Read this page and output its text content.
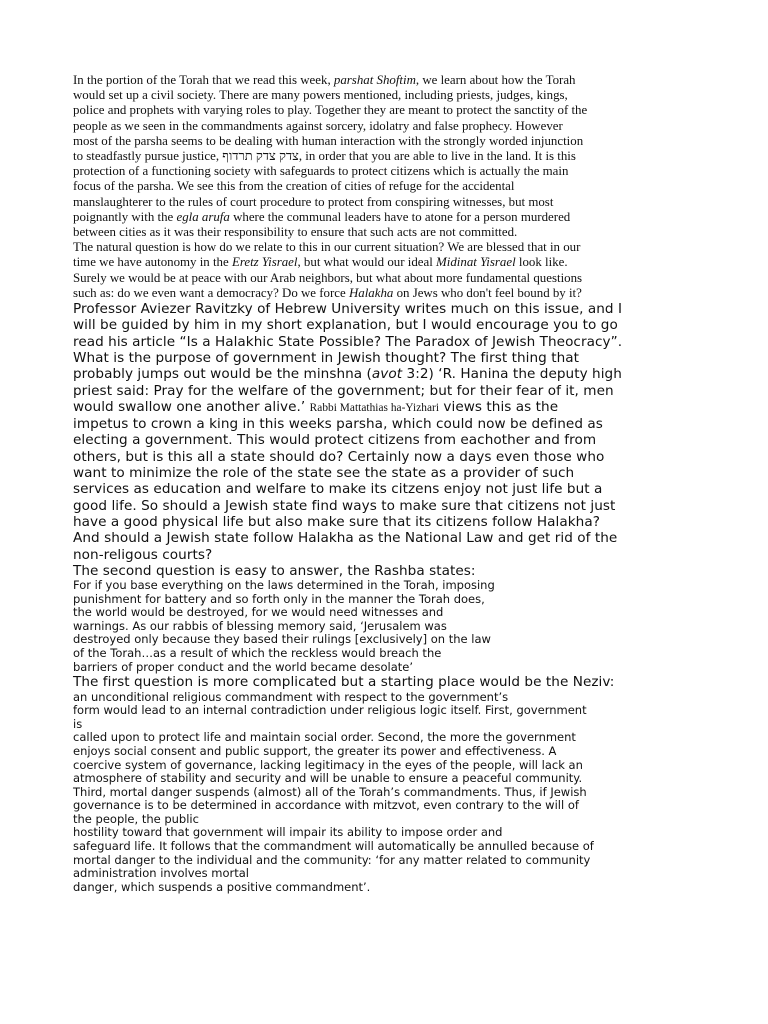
In the portion of the Torah that we read this week, parshat Shoftim, we learn about how the Torah
would set up a civil society. There are many powers mentioned, including priests, judges, kings,
police and prophets with varying roles to play. Together they are meant to protect the sanctity of the
people as we seen in the commandments against sorcery, idolatry and false prophecy. However
most of the parsha seems to be dealing with human interaction with the strongly worded injunction
to steadfastly pursue justice, צדק צדק תרדוף, in order that you are able to live in the land. It is this
protection of a functioning society with safeguards to protect citizens which is actually the main
focus of the parsha. We see this from the creation of cities of refuge for the accidental
manslaughterer to the rules of court procedure to protect from conspiring witnesses, but most
poignantly with the egla arufa where the communal leaders have to atone for a person murdered
between cities as it was their responsibility to ensure that such acts are not committed.
The natural question is how do we relate to this in our current situation? We are blessed that in our
time we have autonomy in the Eretz Yisrael, but what would our ideal Midinat Yisrael look like.
Surely we would be at peace with our Arab neighbors, but what about more fundamental questions
such as: do we even want a democracy? Do we force Halakha on Jews who don't feel bound by it?
Professor Aviezer Ravitzky of Hebrew University writes much on this issue, and I
will be guided by him in my short explanation, but I would encourage you to go
read his article “Is a Halakhic State Possible? The Paradox of Jewish Theocracy”.
What is the purpose of government in Jewish thought? The first thing that
probably jumps out would be the minshna (avot 3:2) ‘R. Hanina the deputy high
priest said: Pray for the welfare of the government; but for their fear of it, men
would swallow one another alive.’ Rabbi Mattathias ha-Yizhari views this as the
impetus to crown a king in this weeks parsha, which could now be defined as
electing a government. This would protect citizens from eachother and from
others, but is this all a state should do? Certainly now a days even those who
want to minimize the role of the state see the state as a provider of such
services as education and welfare to make its citzens enjoy not just life but a
good life. So should a Jewish state find ways to make sure that citizens not just
have a good physical life but also make sure that its citizens follow Halakha?
And should a Jewish state follow Halakha as the National Law and get rid of the
non-religous courts?
The second question is easy to answer, the Rashba states:
For if you base everything on the laws determined in the Torah, imposing
punishment for battery and so forth only in the manner the Torah does,
the world would be destroyed, for we would need witnesses and
warnings. As our rabbis of blessing memory said, ‘Jerusalem was
destroyed only because they based their rulings [exclusively] on the law
of the Torah…as a result of which the reckless would breach the
barriers of proper conduct and the world became desolate’
The first question is more complicated but a starting place would be the Neziv:
an unconditional religious commandment with respect to the government’s
form would lead to an internal contradiction under religious logic itself. First, government
is
called upon to protect life and maintain social order. Second, the more the government
enjoys social consent and public support, the greater its power and effectiveness. A
coercive system of governance, lacking legitimacy in the eyes of the people, will lack an
atmosphere of stability and security and will be unable to ensure a peaceful community.
Third, mortal danger suspends (almost) all of the Torah’s commandments. Thus, if Jewish
governance is to be determined in accordance with mitzvot, even contrary to the will of
the people, the public
hostility toward that government will impair its ability to impose order and
safeguard life. It follows that the commandment will automatically be annulled because of
mortal danger to the individual and the community: ‘for any matter related to community
administration involves mortal
danger, which suspends a positive commandment’.
